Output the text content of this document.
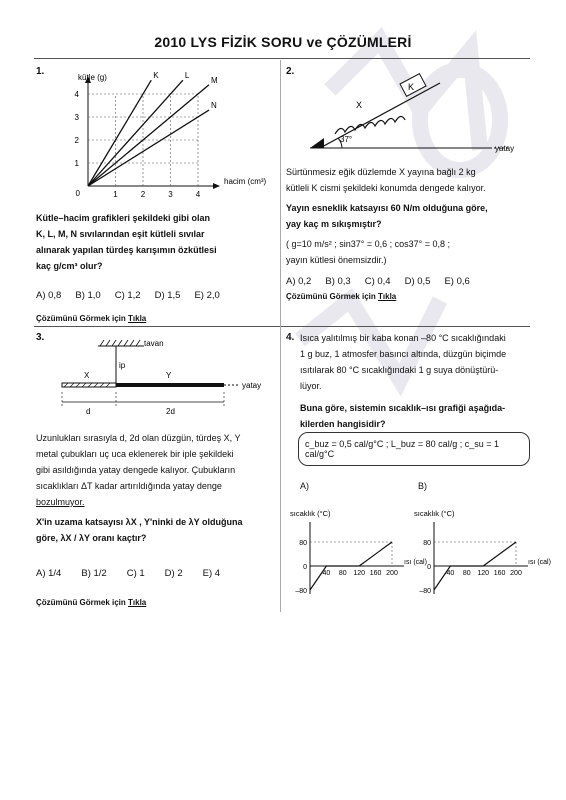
2010 LYS FİZİK SORU ve ÇÖZÜMLERİ
1.
1
2
3
4
1	2	3	4
0
kütle (g)
hacim (cm³)
K	L
M
N
Kütle–hacim grafikleri şekildeki gibi olan
K, L, M, N sıvılarından eşit kütleli sıvılar
alınarak yapılan türdeş karışımın özkütlesi
kaç g/cm³ olur?
A) 0,8 B) 1,0 C) 1,2 D) 1,5 E) 2,0
Çözümünü Görmek için Tıkla
2.
K
X
37°
yatay
Sürtünmesiz eğik düzlemde X yayına bağlı 2 kg
kütleli K cismi şekildeki konumda dengede kalıyor.
Yayın esneklik katsayısı 60 N/m olduğuna göre,
yay kaç m sıkışmıştır?
( g=10 m/s² ; sin37° = 0,6 ; cos37° = 0,8 ;
yayın kütlesi önemsizdir.)
A) 0,2 B) 0,3 C) 0,4 D) 0,5 E) 0,6
Çözümünü Görmek için Tıkla
3.
tavan
ip
yatay
X	Y
d	2d
Uzunlukları sırasıyla d, 2d olan düzgün, türdeş X, Y
metal çubukları uç uca eklenerek bir iple şekildeki
gibi asıldığında yatay dengede kalıyor. Çubukların
sıcaklıkları ΔT kadar artırıldığında yatay denge
bozulmuyor.
X'in uzama katsayısı λX , Y'ninki de λY olduğuna
göre, λX / λY oranı kaçtır?
A) 1/4 B) 1/2 C) 1 D) 2 E) 4
Çözümünü Görmek için Tıkla
4. Isıca yalıtılmış bir kaba konan –80 °C sıcaklığındaki
1 g buz, 1 atmosfer basıncı altında, düzgün biçimde
ısıtılarak 80 °C sıcaklığındaki 1 g suya dönüştürü-
lüyor.
Buna göre, sistemin sıcaklık–ısı grafiği aşağıda-
kilerden hangisidir?
c_buz = 0,5 cal/g°C ; L_buz = 80 cal/g ; c_su = 1 cal/g°C
A)	B)
sıcaklık (°C)
ısı (cal)
80
0
–80
40 80 120 160 200
sıcaklık (°C)
ısı (cal)
80
0
–80
40 80 120 160 200
